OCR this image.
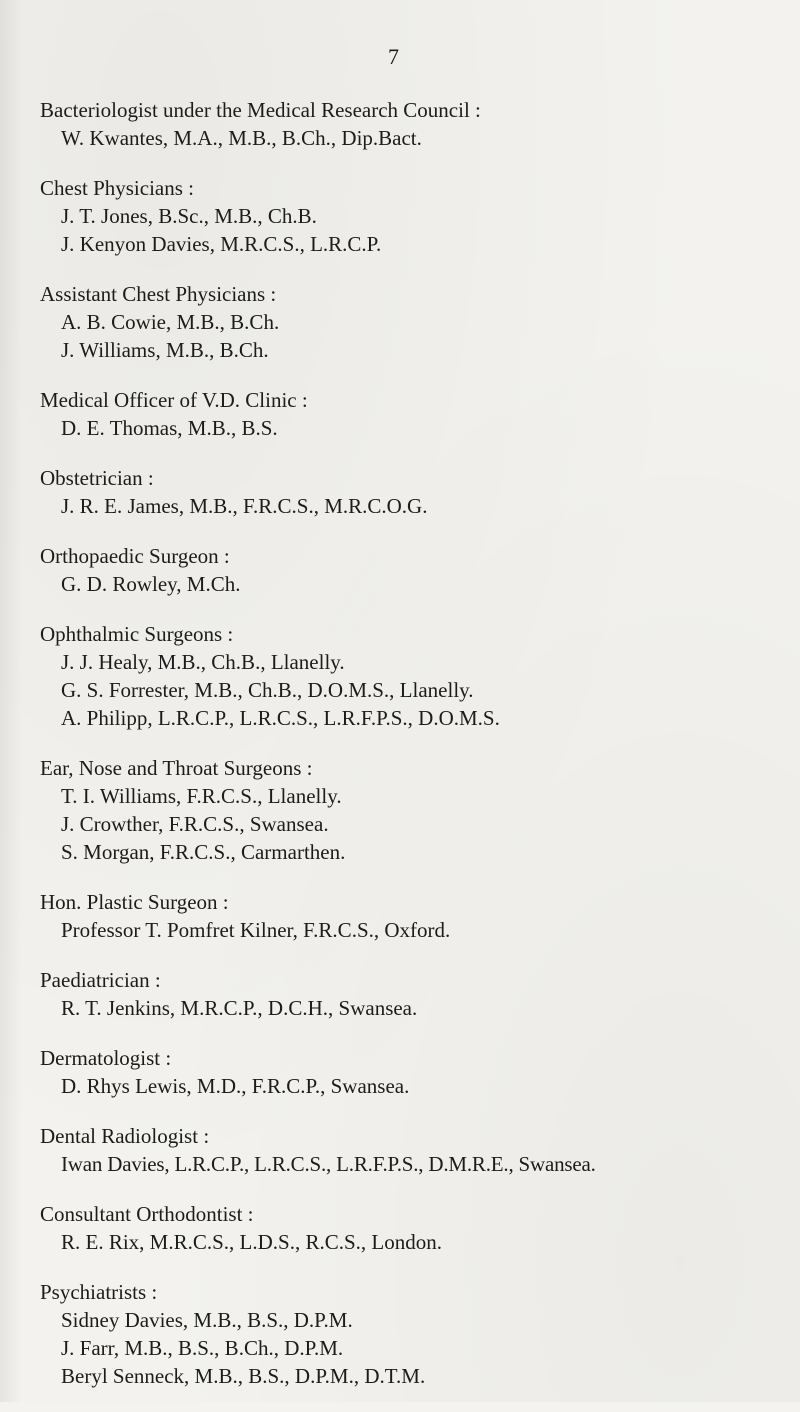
7
Bacteriologist under the Medical Research Council :
W. Kwantes, M.A., M.B., B.Ch., Dip.Bact.
Chest Physicians :
J. T. Jones, B.Sc., M.B., Ch.B.
J. Kenyon Davies, M.R.C.S., L.R.C.P.
Assistant Chest Physicians :
A. B. Cowie, M.B., B.Ch.
J. Williams, M.B., B.Ch.
Medical Officer of V.D. Clinic :
D. E. Thomas, M.B., B.S.
Obstetrician :
J. R. E. James, M.B., F.R.C.S., M.R.C.O.G.
Orthopaedic Surgeon :
G. D. Rowley, M.Ch.
Ophthalmic Surgeons :
J. J. Healy, M.B., Ch.B., Llanelly.
G. S. Forrester, M.B., Ch.B., D.O.M.S., Llanelly.
A. Philipp, L.R.C.P., L.R.C.S., L.R.F.P.S., D.O.M.S.
Ear, Nose and Throat Surgeons :
T. I. Williams, F.R.C.S., Llanelly.
J. Crowther, F.R.C.S., Swansea.
S. Morgan, F.R.C.S., Carmarthen.
Hon. Plastic Surgeon :
Professor T. Pomfret Kilner, F.R.C.S., Oxford.
Paediatrician :
R. T. Jenkins, M.R.C.P., D.C.H., Swansea.
Dermatologist :
D. Rhys Lewis, M.D., F.R.C.P., Swansea.
Dental Radiologist :
Iwan Davies, L.R.C.P., L.R.C.S., L.R.F.P.S., D.M.R.E., Swansea.
Consultant Orthodontist :
R. E. Rix, M.R.C.S., L.D.S., R.C.S., London.
Psychiatrists :
Sidney Davies, M.B., B.S., D.P.M.
J. Farr, M.B., B.S., B.Ch., D.P.M.
Beryl Senneck, M.B., B.S., D.P.M., D.T.M.
